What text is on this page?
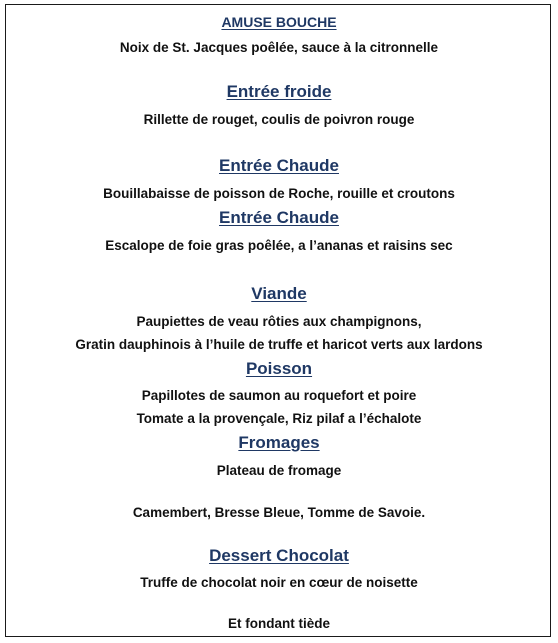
AMUSE BOUCHE
Noix de St. Jacques poêlée, sauce à la citronnelle
Entrée froide
Rillette de rouget, coulis de poivron rouge
Entrée Chaude
Bouillabaisse de poisson de Roche, rouille et croutons
Entrée Chaude
Escalope de foie gras poêlée, a l’ananas et raisins sec
Viande
Paupiettes de veau rôties aux champignons,
Gratin dauphinois à l’huile de truffe et haricot verts aux lardons
Poisson
Papillotes de saumon au roquefort et poire
Tomate a la provençale, Riz pilaf a l’échalote
Fromages
Plateau de fromage
Camembert, Bresse Bleue, Tomme de Savoie.
Dessert Chocolat
Truffe de chocolat noir en cœur de noisette
Et fondant tiède
